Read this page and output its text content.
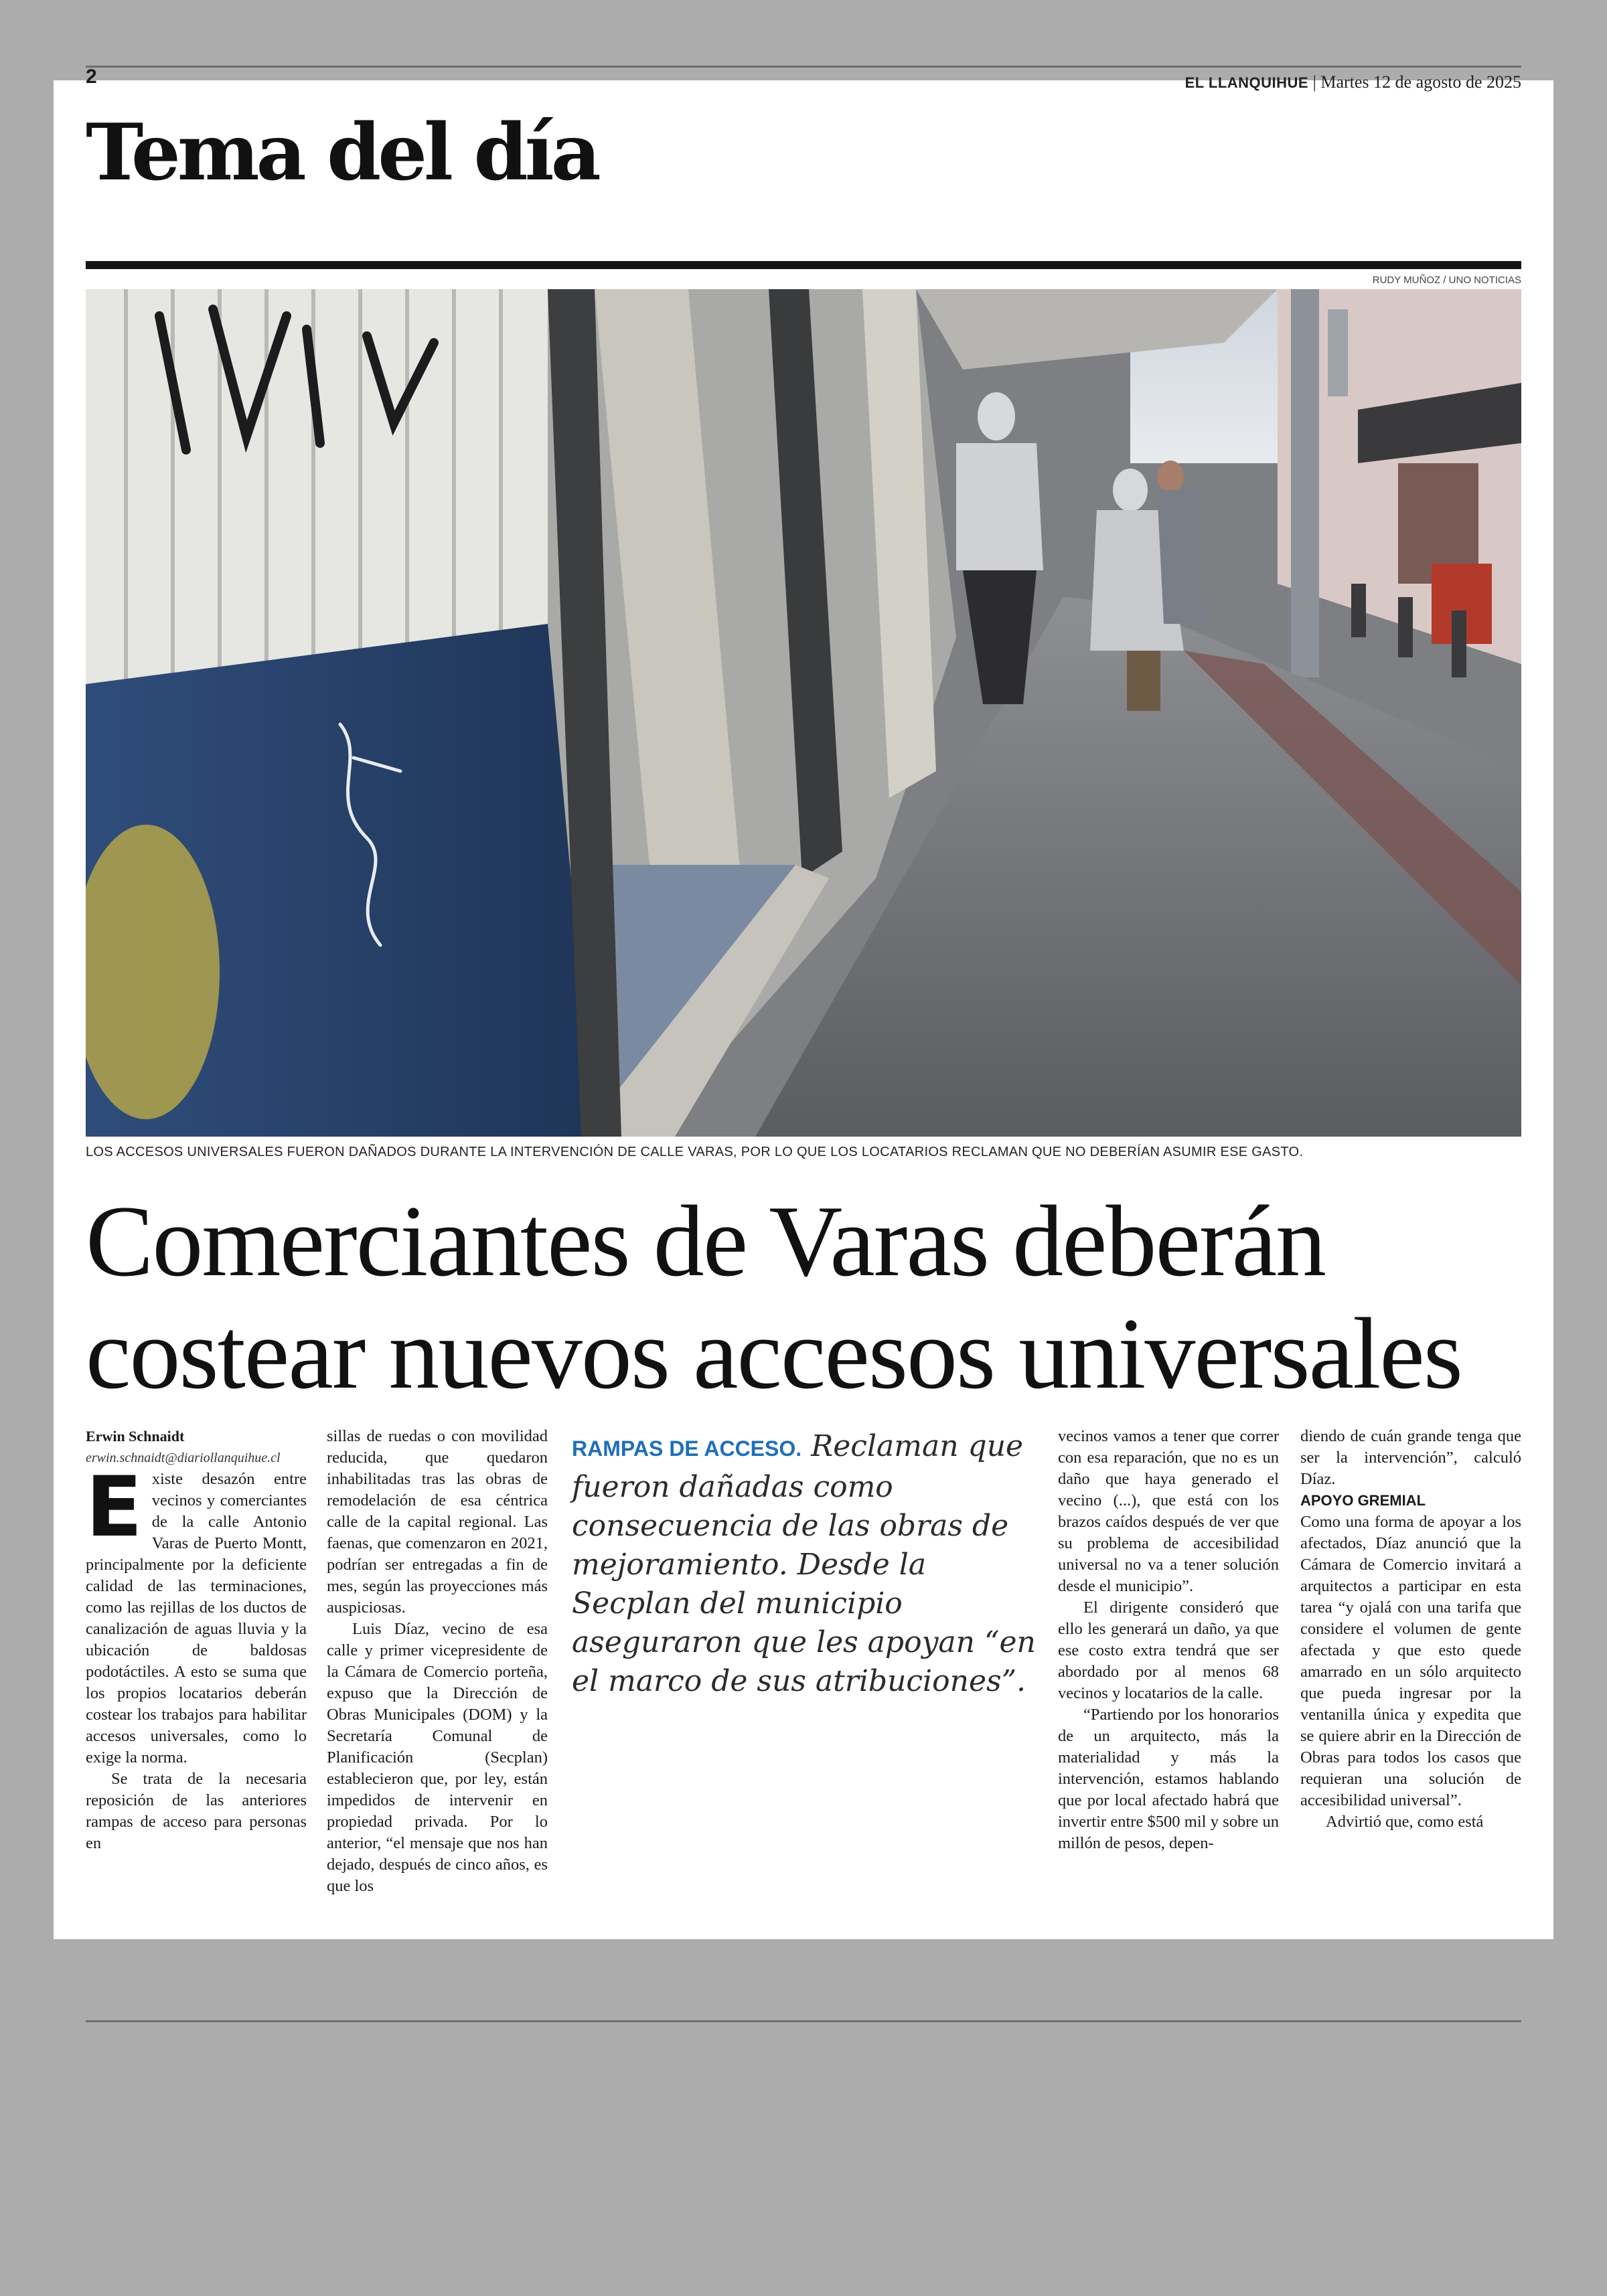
2	EL LLANQUIHUE | Martes 12 de agosto de 2025
Tema del día
RUDY MUÑOZ / UNO NOTICIAS
LOS ACCESOS UNIVERSALES FUERON DAÑADOS DURANTE LA INTERVENCIÓN DE CALLE VARAS, POR LO QUE LOS LOCATARIOS RECLAMAN QUE NO DEBERÍAN ASUMIR ESE GASTO.
Comerciantes de Varas deberán
costear nuevos accesos universales

Erwin Schnaidt

erwin.schnaidt@diariollanquihue.cl

Existe desazón entre vecinos y comerciantes de la calle Antonio Varas de Puerto Montt, principalmente por la deficiente calidad de las terminaciones, como las rejillas de los ductos de canalización de aguas lluvia y la ubicación de baldosas podotáctiles. A esto se suma que los propios locatarios deberán costear los trabajos para habilitar accesos universales, como lo exige la norma.

Se trata de la necesaria reposición de las anteriores rampas de acceso para personas en

sillas de ruedas o con movilidad reducida, que quedaron inhabilitadas tras las obras de remodelación de esa céntrica calle de la capital regional. Las faenas, que comenzaron en 2021, podrían ser entregadas a fin de mes, según las proyecciones más auspiciosas.

Luis Díaz, vecino de esa calle y primer vicepresidente de la Cámara de Comercio porteña, expuso que la Dirección de Obras Municipales (DOM) y la Secretaría Comunal de Planificación (Secplan) establecieron que, por ley, están impedidos de intervenir en propiedad privada. Por lo anterior, “el mensaje que nos han dejado, después de cinco años, es que los

RAMPAS DE ACCESO. Reclaman que fueron dañadas como consecuencia de las obras de mejoramiento. Desde la Secplan del municipio aseguraron que les apoyan “en el marco de sus atribuciones”.

vecinos vamos a tener que correr con esa reparación, que no es un daño que haya generado el vecino (...), que está con los brazos caídos después de ver que su problema de accesibilidad universal no va a tener solución desde el municipio”.

El dirigente consideró que ello les generará un daño, ya que ese costo extra tendrá que ser abordado por al menos 68 vecinos y locatarios de la calle.

“Partiendo por los honorarios de un arquitecto, más la materialidad y más la intervención, estamos hablando que por local afectado habrá que invertir entre $500 mil y sobre un millón de pesos, depen-

diendo de cuán grande tenga que ser la intervención”, calculó Díaz.

APOYO GREMIAL

Como una forma de apoyar a los afectados, Díaz anunció que la Cámara de Comercio invitará a arquitectos a participar en esta tarea “y ojalá con una tarifa que considere el volumen de gente afectada y que esto quede amarrado en un sólo arquitecto que pueda ingresar por la ventanilla única y expedita que se quiere abrir en la Dirección de Obras para todos los casos que requieran una solución de accesibilidad universal”.

Advirtió que, como está
